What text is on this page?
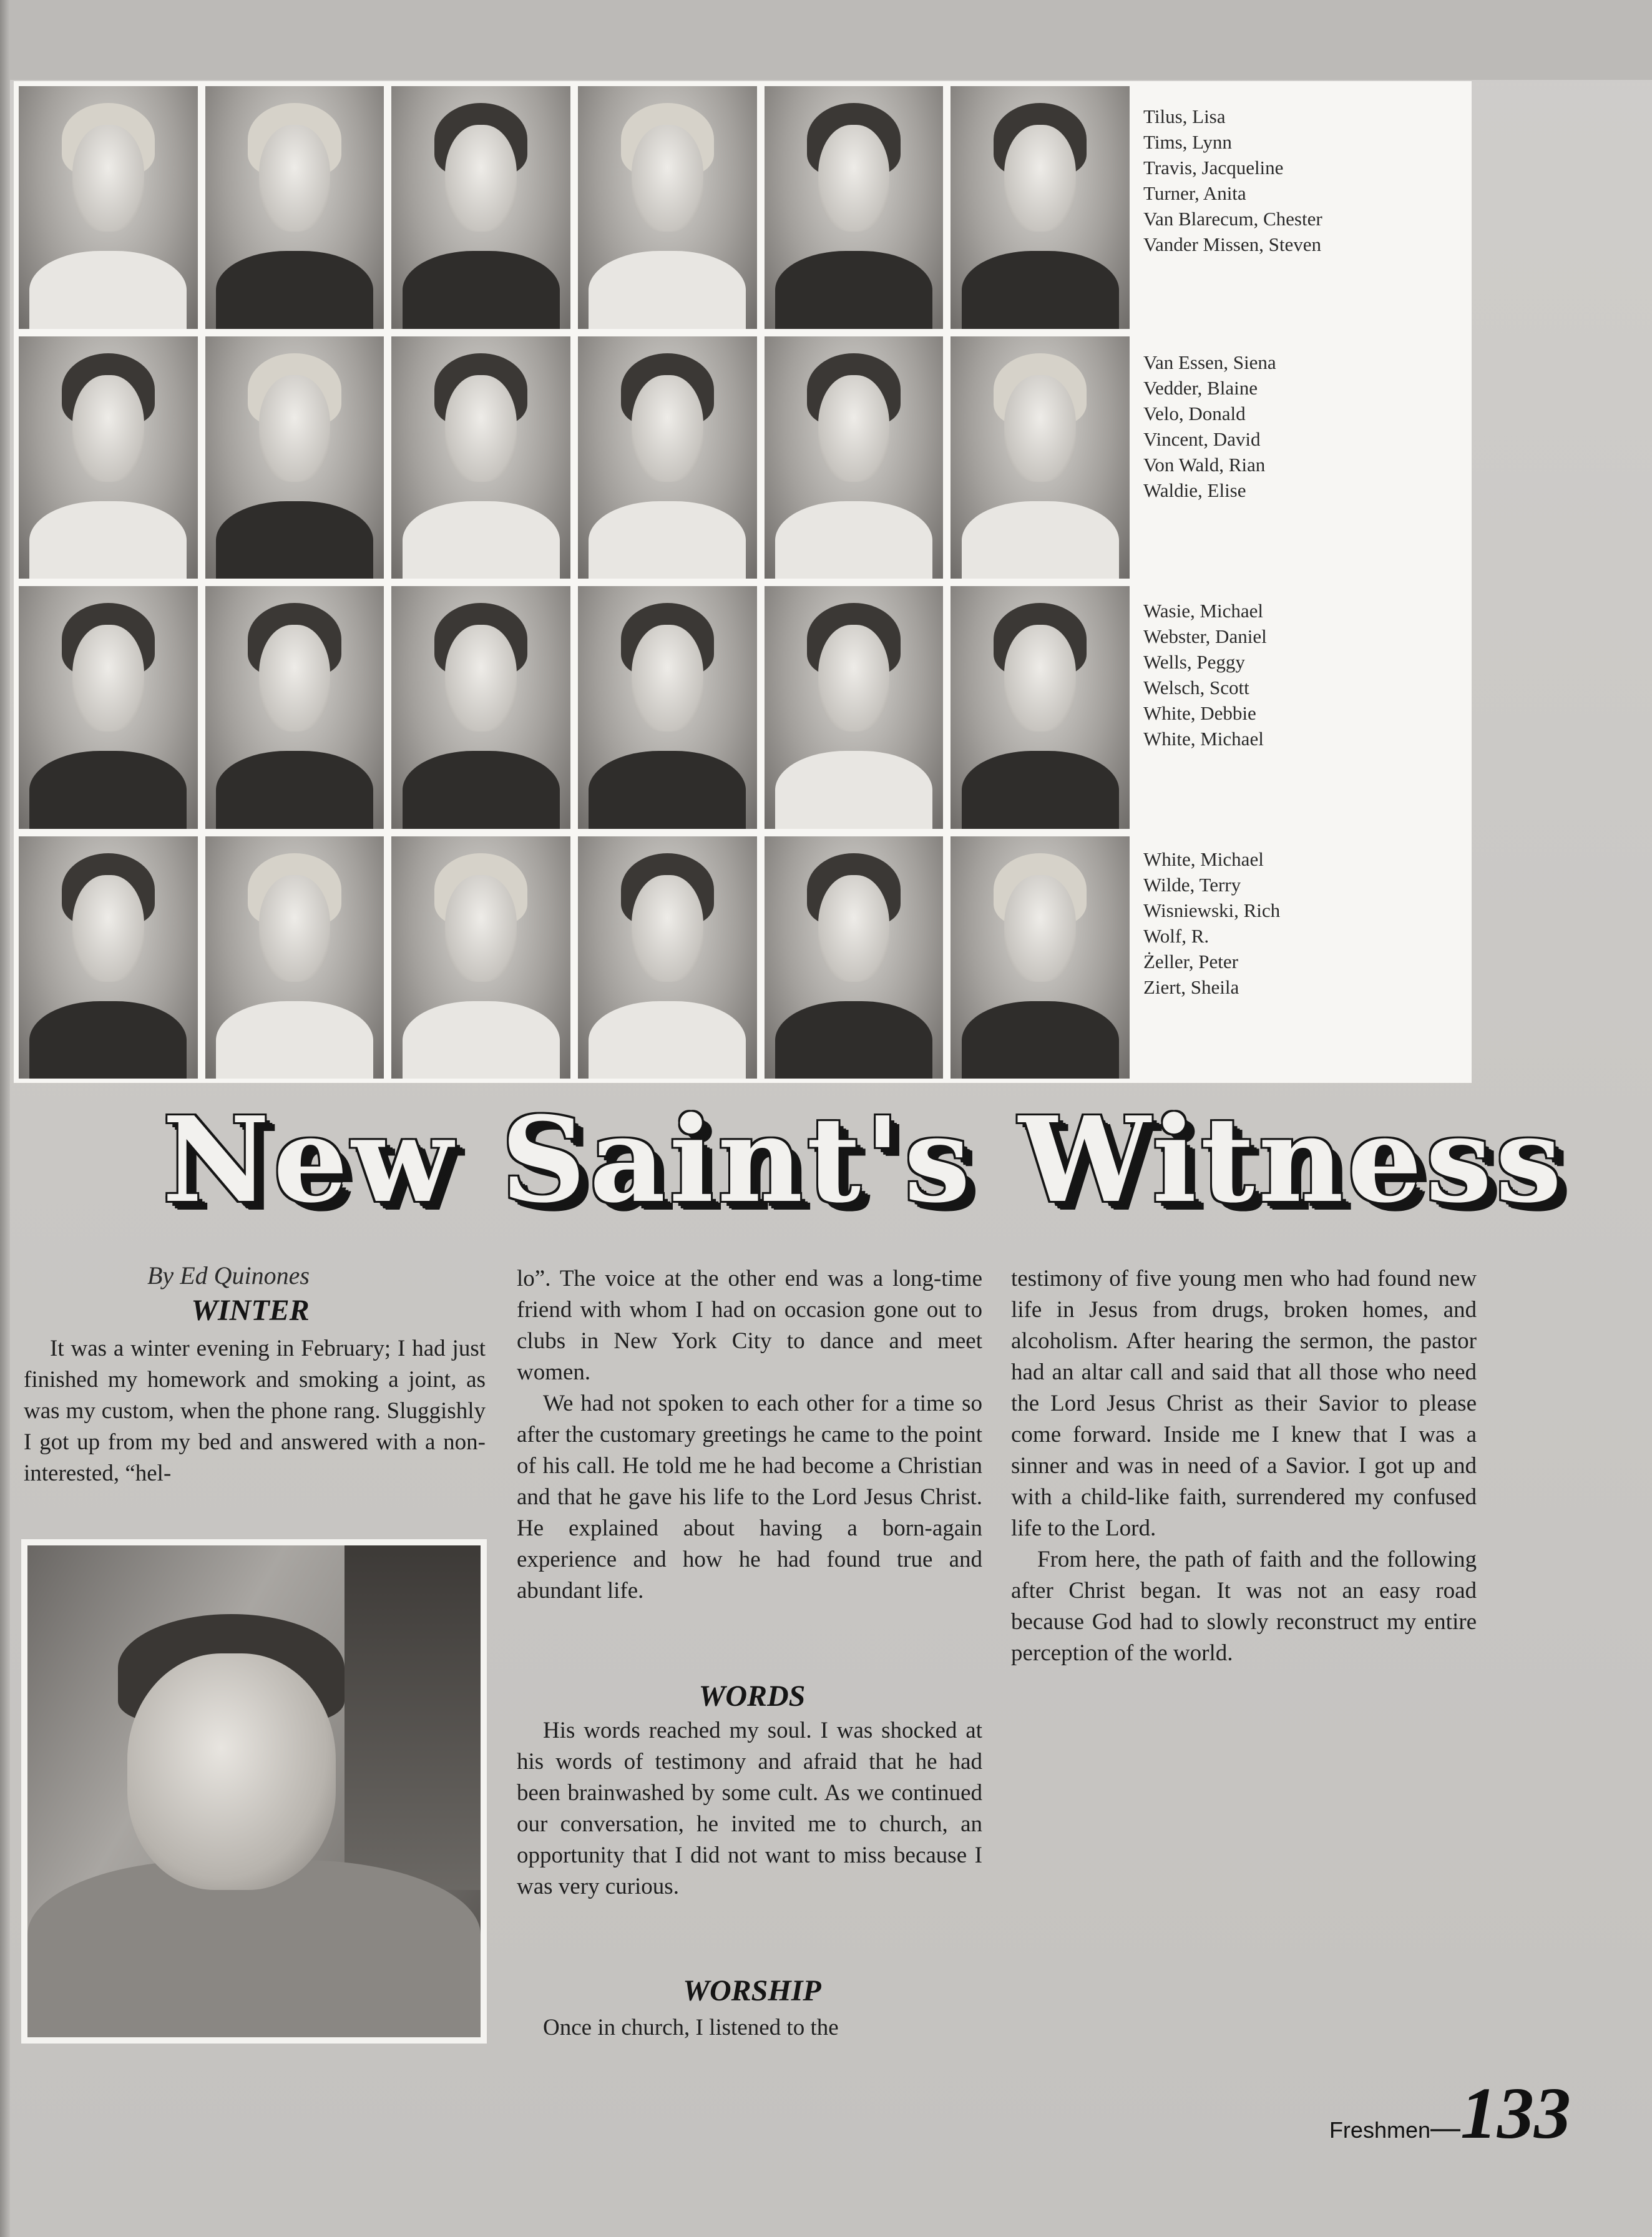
Tilus, Lisa
Tims, Lynn
Travis, Jacqueline
Turner, Anita
Van Blarecum, Chester
Vander Missen, Steven
Van Essen, Siena
Vedder, Blaine
Velo, Donald
Vincent, David
Von Wald, Rian
Waldie, Elise
Wasie, Michael
Webster, Daniel
Wells, Peggy
Welsch, Scott
White, Debbie
White, Michael
White, Michael
Wilde, Terry
Wisniewski, Rich
Wolf, R.
Żeller, Peter
Ziert, Sheila
New Saint's Witness
By Ed Quinones
WINTER

It was a winter evening in February; I had just finished my homework and smoking a joint, as was my custom, when the phone rang. Sluggishly I got up from my bed and answered with a non-interested, “hel-

lo”. The voice at the other end was a long-time friend with whom I had on occasion gone out to clubs in New York City to dance and meet women.

We had not spoken to each other for a time so after the customary greetings he came to the point of his call. He told me he had become a Christian and that he gave his life to the Lord Jesus Christ. He explained about having a born-again experience and how he had found true and abundant life.

WORDS

His words reached my soul. I was shocked at his words of testimony and afraid that he had been brainwashed by some cult. As we continued our conversation, he invited me to church, an opportunity that I did not want to miss because I was very curious.

WORSHIP

Once in church, I listened to the

testimony of five young men who had found new life in Jesus from drugs, broken homes, and alcoholism. After hearing the sermon, the pastor had an altar call and said that all those who need the Lord Jesus Christ as their Savior to please come forward. Inside me I knew that I was a sinner and was in need of a Savior. I got up and with a child-like faith, surrendered my confused life to the Lord.

From here, the path of faith and the following after Christ began. It was not an easy road because God had to slowly reconstruct my entire perception of the world.

Freshmen—133
